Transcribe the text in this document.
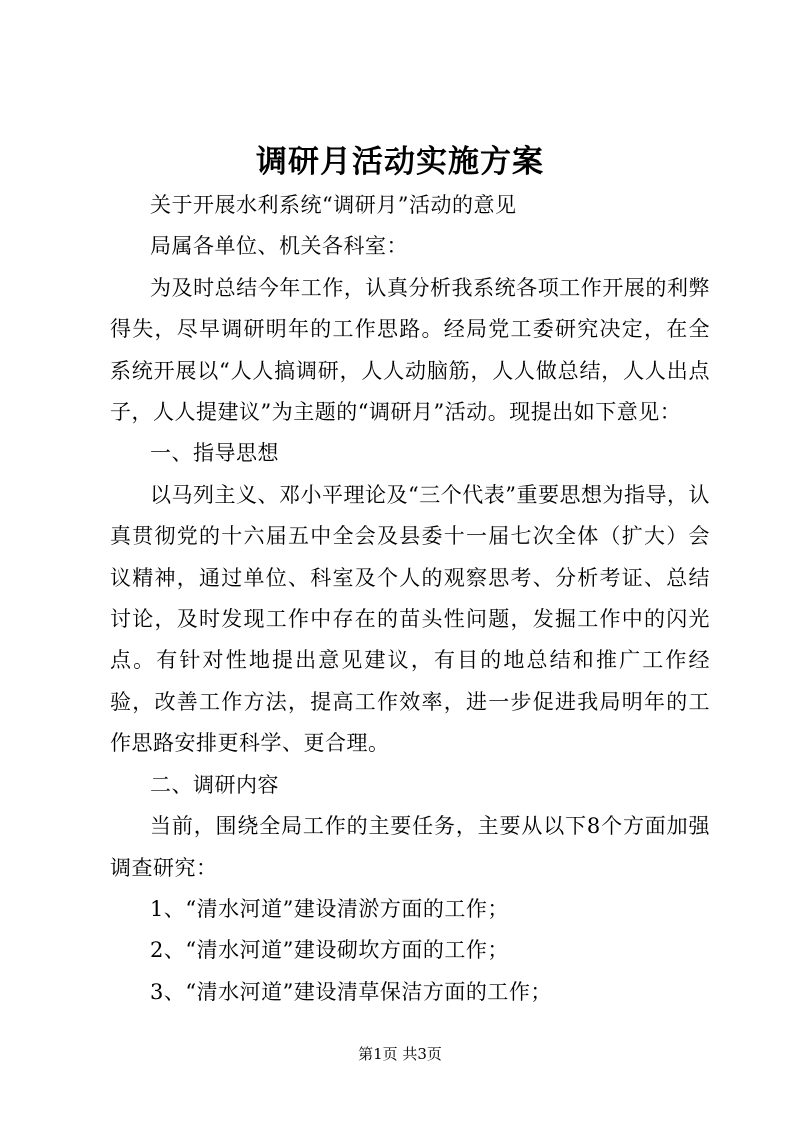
调研月活动实施方案

关于开展水利系统“调研月”活动的意见

局属各单位、机关各科室：

为及时总结今年工作，认真分析我系统各项工作开展的利弊得失，尽早调研明年的工作思路。经局党工委研究决定，在全系统开展以“人人搞调研，人人动脑筋，人人做总结，人人出点子，人人提建议”为主题的“调研月”活动。现提出如下意见：

一、指导思想

以马列主义、邓小平理论及“三个代表”重要思想为指导，认真贯彻党的十六届五中全会及县委十一届七次全体（扩大）会议精神，通过单位、科室及个人的观察思考、分析考证、总结讨论，及时发现工作中存在的苗头性问题，发掘工作中的闪光点。有针对性地提出意见建议，有目的地总结和推广工作经验，改善工作方法，提高工作效率，进一步促进我局明年的工作思路安排更科学、更合理。

二、调研内容

当前，围绕全局工作的主要任务，主要从以下8个方面加强调查研究：

1、“清水河道”建设清淤方面的工作；

2、“清水河道”建设砌坎方面的工作；

3、“清水河道”建设清草保洁方面的工作；

第1页 共3页
